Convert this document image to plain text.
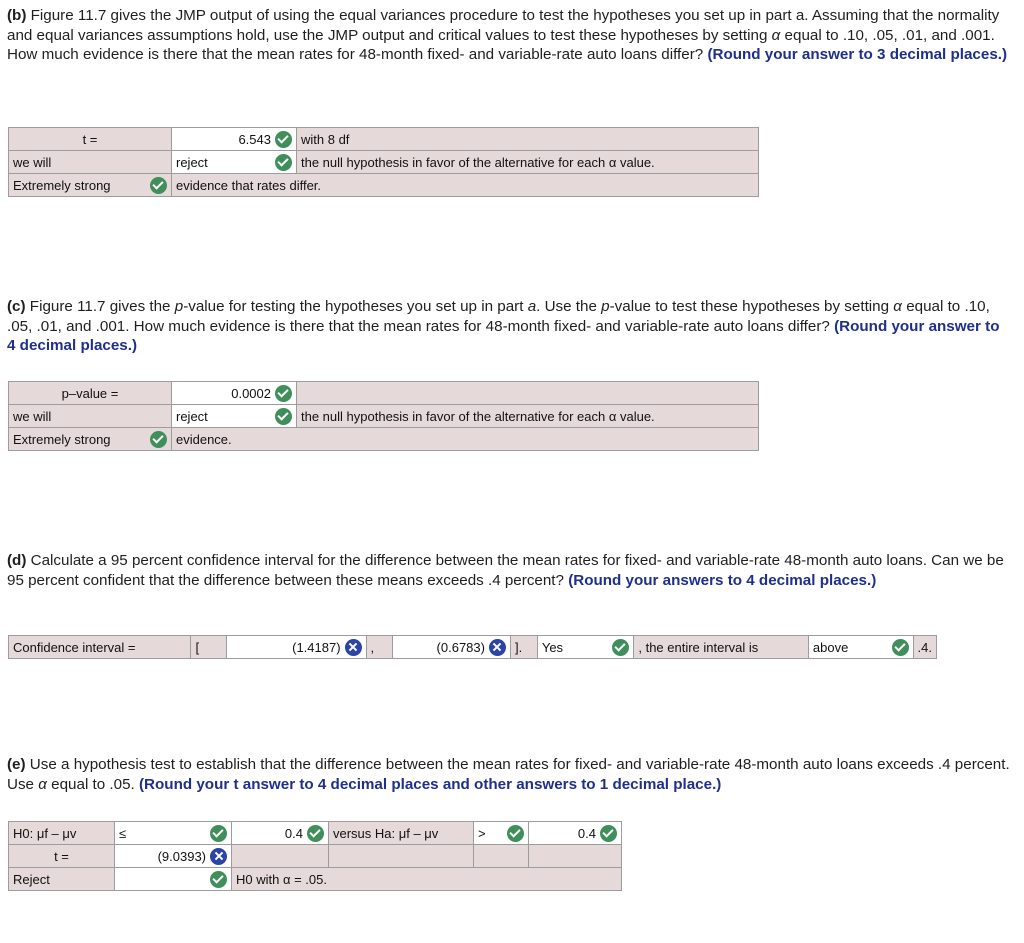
(b) Figure 11.7 gives the JMP output of using the equal variances procedure to test the hypotheses you set up in part a. Assuming that the normality and equal variances assumptions hold, use the JMP output and critical values to test these hypotheses by setting α equal to .10, .05, .01, and .001. How much evidence is there that the mean rates for 48-month fixed- and variable-rate auto loans differ? (Round your answer to 3 decimal places.)
t =	6.543	with 8 df
we will	reject	the null hypothesis in favor of the alternative for each α value.

Extremely strong	evidence that rates differ.	
(c) Figure 11.7 gives the p-value for testing the hypotheses you set up in part a. Use the p-value to test these hypotheses by setting α equal to .10, .05, .01, and .001. How much evidence is there that the mean rates for 48-month fixed- and variable-rate auto loans differ? (Round your answer to 4 decimal places.)
p–value =	0.0002	

we will	reject	the null hypothesis in favor of the alternative for each α value.

Extremely strong	evidence.	
(d) Calculate a 95 percent confidence interval for the difference between the mean rates for fixed- and variable-rate 48-month auto loans. Can we be 95 percent confident that the difference between these means exceeds .4 percent? (Round your answers to 4 decimal places.)
Confidence interval =	[	(1.4187)	,	(0.6783)	].	Yes	, the entire interval is	above	.4.
(e) Use a hypothesis test to establish that the difference between the mean rates for fixed- and variable-rate 48-month auto loans exceeds .4 percent. Use α equal to .05. (Round your t answer to 4 decimal places and other answers to 1 decimal place.)
H0: μf – μv	≤	0.4	versus Ha: μf – μv	>	0.4

t =	(9.0393)				

Reject		H0 with α = .05.			
